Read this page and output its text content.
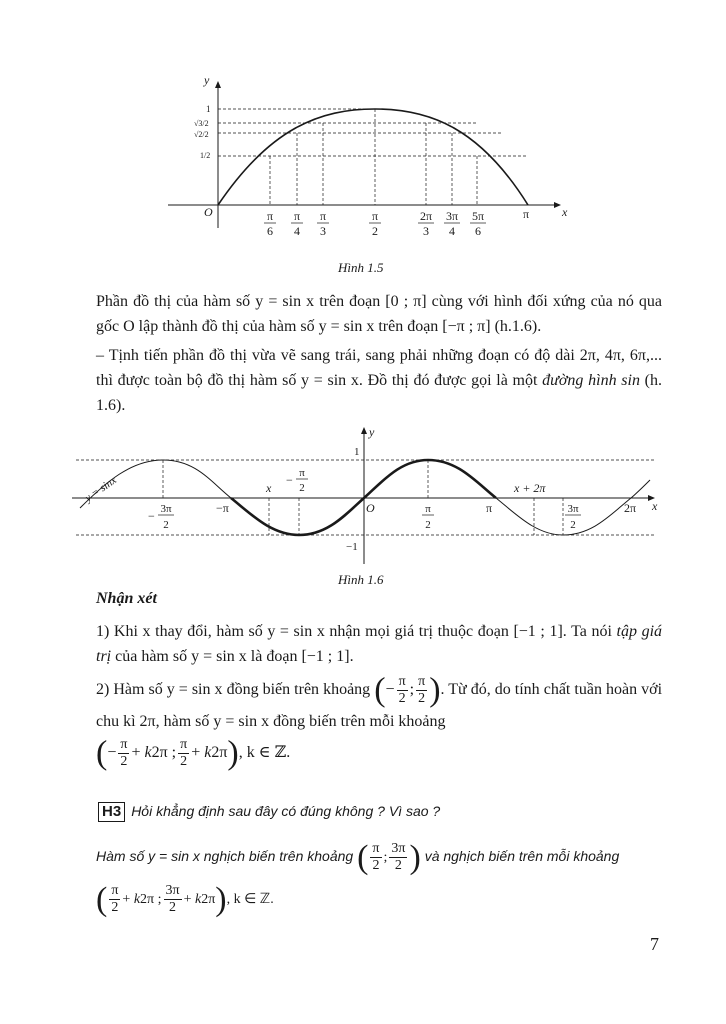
y
x
O
1
√3/2
√2/2
1/2
π
6
π
4
π
3
π
2
2π
3
3π
4
5π
6
π
Hình 1.5
Phần đồ thị của hàm số y = sin x trên đoạn [0 ; π] cùng với hình đối xứng của nó qua gốc O lập thành đồ thị của hàm số y = sin x trên đoạn [−π ; π] (h.1.6).
– Tịnh tiến phần đồ thị vừa vẽ sang trái, sang phải những đoạn có độ dài 2π, 4π, 6π,... thì được toàn bộ đồ thị hàm số y = sin x. Đồ thị đó được gọi là một đường hình sin (h. 1.6).
y
x
O
1
−1
y = sinx	x
− π
2	x + 2π
− 3π
2
−π	π
2
π	3π
2
2π
Hình 1.6
Nhận xét
1) Khi x thay đổi, hàm số y = sin x nhận mọi giá trị thuộc đoạn [−1 ; 1]. Ta nói tập giá trị của hàm số y = sin x là đoạn [−1 ; 1].
2) Hàm số y = sin x đồng biến trên khoảng (− $\frac{\pi}{2}$ ; $\frac{\pi}{2}$ ). Từ đó, do tính chất tuần hoàn với chu kì 2π, hàm số y = sin x đồng biến trên mỗi khoảng
(− $\frac{\pi}{2} + k2\pi$ ; $\frac{\pi}{2} + k2\pi$), k ∈ ℤ.
H3 Hỏi khẳng định sau đây có đúng không ? Vì sao ?
Hàm số y = sin x nghịch biến trên khoảng ( $\frac{\pi}{2}$ ; $\frac{3\pi}{2}$ ) và nghịch biến trên mỗi khoảng
( $\frac{\pi}{2} + k2\pi$ ; $\frac{3\pi}{2} + k2\pi$), k ∈ ℤ.
7
